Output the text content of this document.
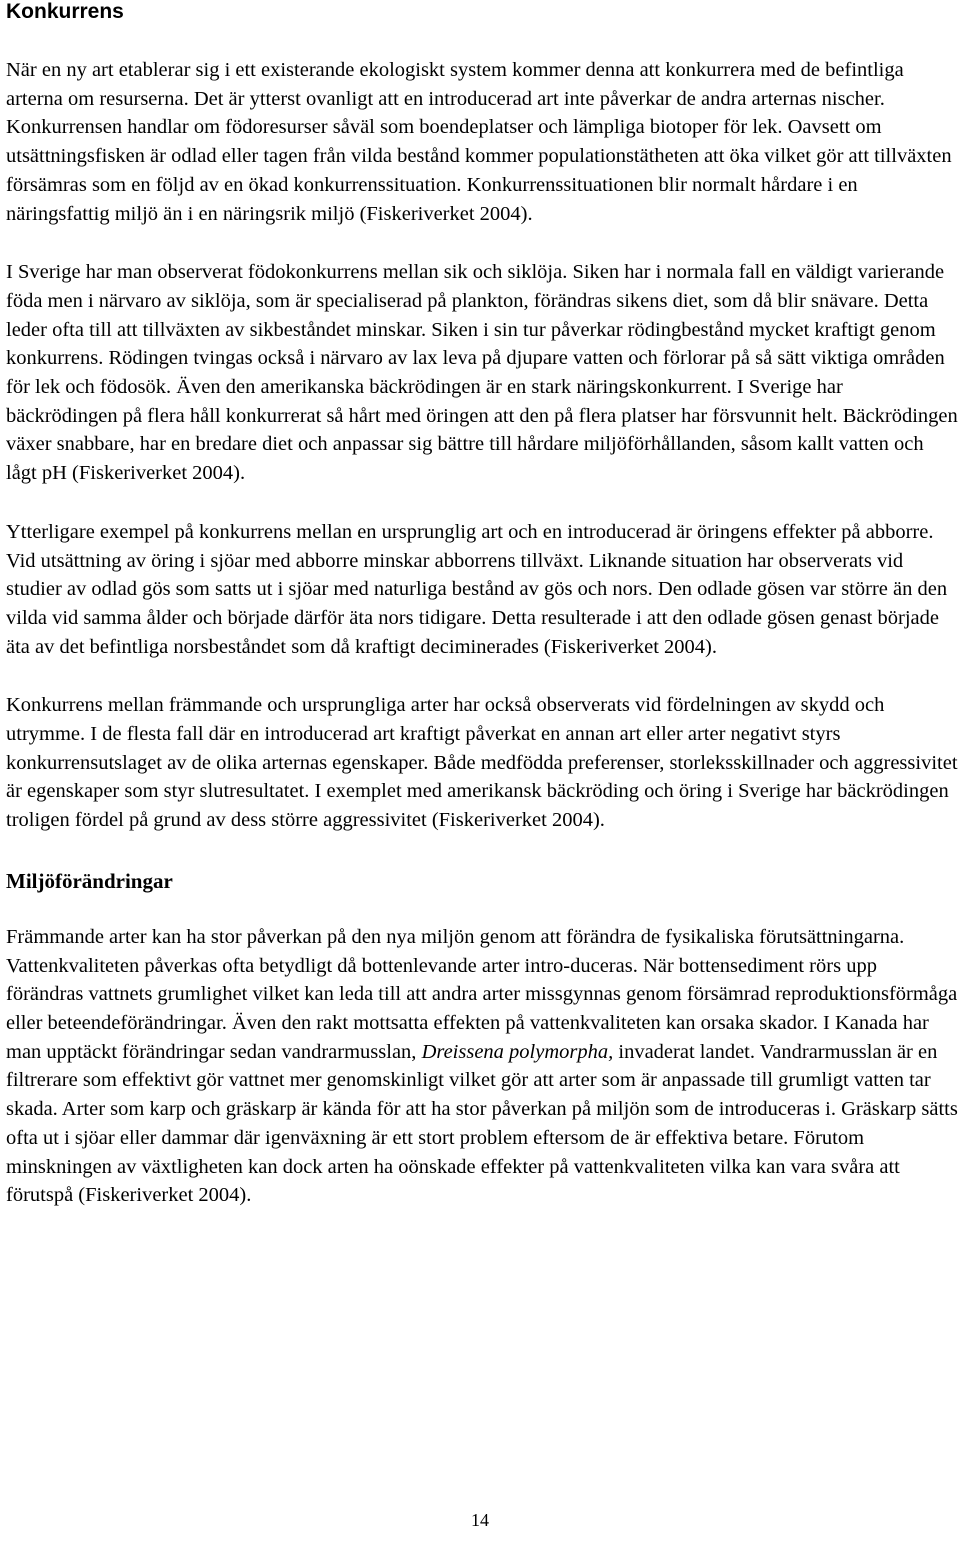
Konkurrens

När en ny art etablerar sig i ett existerande ekologiskt system kommer denna att konkurrera med de befintliga arterna om resurserna. Det är ytterst ovanligt att en introducerad art inte påverkar de andra arternas nischer. Konkurrensen handlar om födoresurser såväl som boendeplatser och lämpliga biotoper för lek. Oavsett om utsättningsfisken är odlad eller tagen från vilda bestånd kommer populationstätheten att öka vilket gör att tillväxten försämras som en följd av en ökad konkurrenssituation. Konkurrenssituationen blir normalt hårdare i en näringsfattig miljö än i en näringsrik miljö (Fiskeriverket 2004).

I Sverige har man observerat födokonkurrens mellan sik och siklöja. Siken har i normala fall en väldigt varierande föda men i närvaro av siklöja, som är specialiserad på plankton, förändras sikens diet, som då blir snävare. Detta leder ofta till att tillväxten av sikbeståndet minskar. Siken i sin tur påverkar rödingbestånd mycket kraftigt genom konkurrens. Rödingen tvingas också i närvaro av lax leva på djupare vatten och förlorar på så sätt viktiga områden för lek och födosök. Även den amerikanska bäckrödingen är en stark näringskonkurrent. I Sverige har bäckrödingen på flera håll konkurrerat så hårt med öringen att den på flera platser har försvunnit helt. Bäckrödingen växer snabbare, har en bredare diet och anpassar sig bättre till hårdare miljöförhållanden, såsom kallt vatten och lågt pH (Fiskeriverket 2004).

Ytterligare exempel på konkurrens mellan en ursprunglig art och en introducerad är öringens effekter på abborre. Vid utsättning av öring i sjöar med abborre minskar abborrens tillväxt. Liknande situation har observerats vid studier av odlad gös som satts ut i sjöar med naturliga bestånd av gös och nors. Den odlade gösen var större än den vilda vid samma ålder och började därför äta nors tidigare. Detta resulterade i att den odlade gösen genast började äta av det befintliga norsbeståndet som då kraftigt deciminerades (Fiskeriverket 2004).

Konkurrens mellan främmande och ursprungliga arter har också observerats vid fördelningen av skydd och utrymme. I de flesta fall där en introducerad art kraftigt påverkat en annan art eller arter negativt styrs konkurrensutslaget av de olika arternas egenskaper. Både medfödda preferenser, storleksskillnader och aggressivitet är egenskaper som styr slutresultatet. I exemplet med amerikansk bäckröding och öring i Sverige har bäckrödingen troligen fördel på grund av dess större aggressivitet (Fiskeriverket 2004).

Miljöförändringar

Främmande arter kan ha stor påverkan på den nya miljön genom att förändra de fysikaliska förutsättningarna. Vattenkvaliteten påverkas ofta betydligt då bottenlevande arter intro-duceras. När bottensediment rörs upp förändras vattnets grumlighet vilket kan leda till att andra arter missgynnas genom försämrad reproduktionsförmåga eller beteendeförändringar. Även den rakt mottsatta effekten på vattenkvaliteten kan orsaka skador. I Kanada har man upptäckt förändringar sedan vandrarmusslan, Dreissena polymorpha, invaderat landet. Vandrarmusslan är en filtrerare som effektivt gör vattnet mer genomskinligt vilket gör att arter som är anpassade till grumligt vatten tar skada. Arter som karp och gräskarp är kända för att ha stor påverkan på miljön som de introduceras i. Gräskarp sätts ofta ut i sjöar eller dammar där igenväxning är ett stort problem eftersom de är effektiva betare. Förutom minskningen av växtligheten kan dock arten ha oönskade effekter på vattenkvaliteten vilka kan vara svåra att förutspå (Fiskeriverket 2004).

14
